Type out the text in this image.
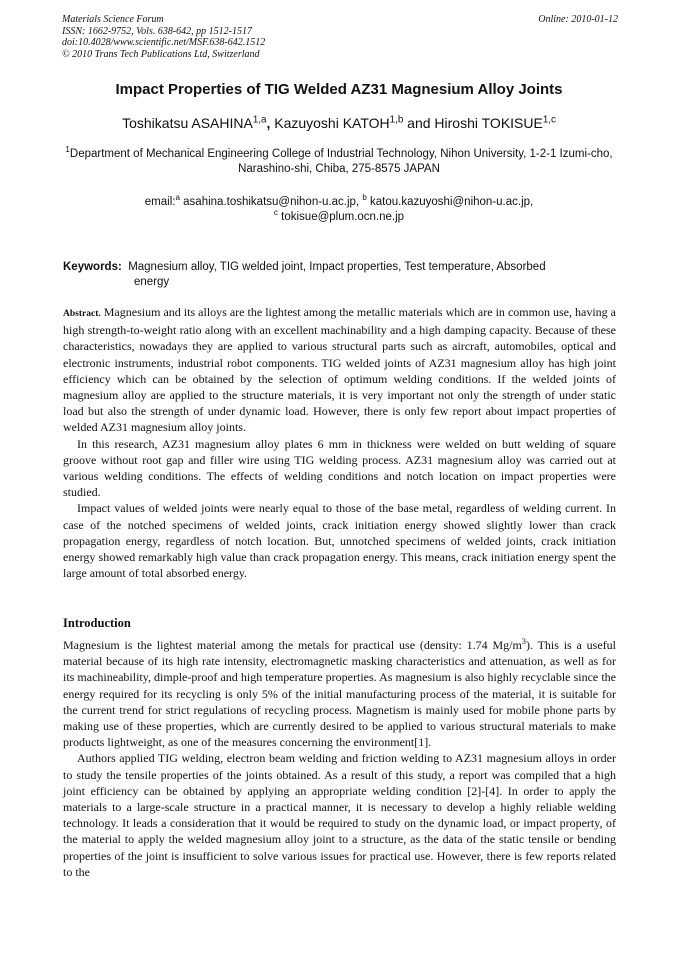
Materials Science Forum
ISSN: 1662-9752, Vols. 638-642, pp 1512-1517
doi:10.4028/www.scientific.net/MSF.638-642.1512
© 2010 Trans Tech Publications Ltd, Switzerland
Online: 2010-01-12
Impact Properties of TIG Welded AZ31 Magnesium Alloy Joints
Toshikatsu ASAHINA$^{1,a}$, Kazuyoshi KATOH$^{1,b}$ and Hiroshi TOKISUE$^{1,c}$
$^1$Department of Mechanical Engineering College of Industrial Technology, Nihon University, 1-2-1 Izumi-cho, Narashino-shi, Chiba, 275-8575 JAPAN
email:$^a$ asahina.toshikatsu@nihon-u.ac.jp, $^b$ katou.kazuyoshi@nihon-u.ac.jp,
$^c$ tokisue@plum.ocn.ne.jp
Keywords: Magnesium alloy, TIG welded joint, Impact properties, Test temperature, Absorbed
energy

Abstract. Magnesium and its alloys are the lightest among the metallic materials which are in common use, having a high strength-to-weight ratio along with an excellent machinability and a high damping capacity. Because of these characteristics, nowadays they are applied to various structural parts such as aircraft, automobiles, optical and electronic instruments, industrial robot components. TIG welded joints of AZ31 magnesium alloy has high joint efficiency which can be obtained by the selection of optimum welding conditions. If the welded joints of magnesium alloy are applied to the structure materials, it is very important not only the strength of under static load but also the strength of under dynamic load. However, there is only few report about impact properties of welded AZ31 magnesium alloy joints.

In this research, AZ31 magnesium alloy plates 6 mm in thickness were welded on butt welding of square groove without root gap and filler wire using TIG welding process. AZ31 magnesium alloy was carried out at various welding conditions. The effects of welding conditions and notch location on impact properties were studied.

Impact values of welded joints were nearly equal to those of the base metal, regardless of welding current. In case of the notched specimens of welded joints, crack initiation energy showed slightly lower than crack propagation energy, regardless of notch location. But, unnotched specimens of welded joints, crack initiation energy showed remarkably high value than crack propagation energy. This means, crack initiation energy spent the large amount of total absorbed energy.

Introduction

Magnesium is the lightest material among the metals for practical use (density: 1.74 $Mg/m^3$). This is a useful material because of its high rate intensity, electromagnetic masking characteristics and attenuation, as well as for its machineability, dimple-proof and high temperature properties. As magnesium is also highly recyclable since the energy required for its recycling is only 5% of the initial manufacturing process of the material, it is suitable for the current trend for strict regulations of recycling process. Magnetism is mainly used for mobile phone parts by making use of these properties, which are currently desired to be applied to various structural materials to make products lightweight, as one of the measures concerning the environment[1].

Authors applied TIG welding, electron beam welding and friction welding to AZ31 magnesium alloys in order to study the tensile properties of the joints obtained. As a result of this study, a report was compiled that a high joint efficiency can be obtained by applying an appropriate welding condition [2]-[4]. In order to apply the materials to a large-scale structure in a practical manner, it is necessary to develop a highly reliable welding technology. It leads a consideration that it would be required to study on the dynamic load, or impact property, of the material to apply the welded magnesium alloy joint to a structure, as the data of the static tensile or bending properties of the joint is insufficient to solve various issues for practical use. However, there is few reports related to the
